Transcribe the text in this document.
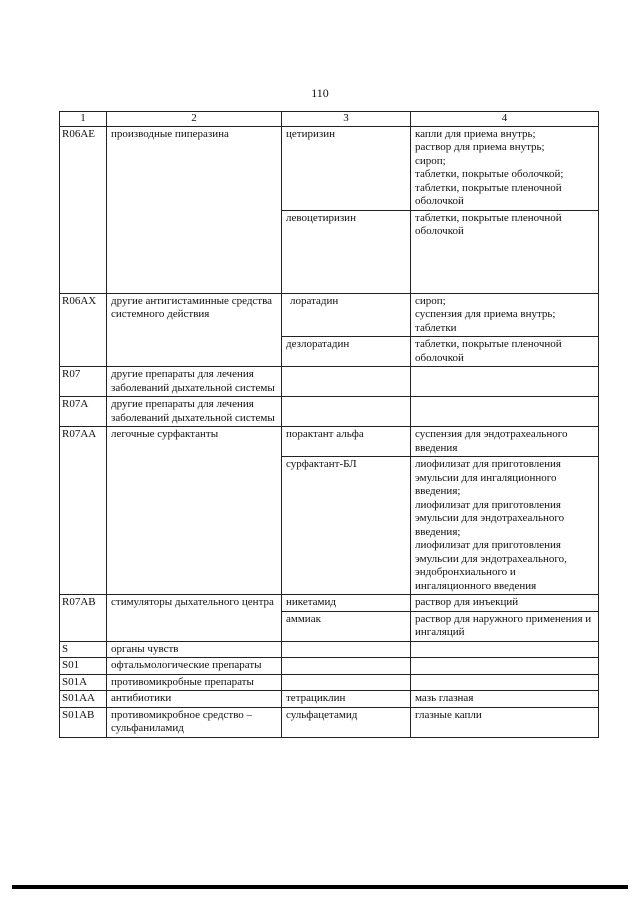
110
1	2	3	4
R06AE	производные пиперазина	цетиризин	капли для приема внутрь;
раствор для приема внутрь;
сироп;
таблетки, покрытые оболочкой;
таблетки, покрытые пленочной оболочкой
		левоцетиризин	таблетки, покрытые пленочной оболочкой
R06AX	другие антигистаминные средства системного действия	лоратадин	сироп;
суспензия для приема внутрь;
таблетки
		дезлоратадин	таблетки, покрытые пленочной оболочкой
R07	другие препараты для лечения заболеваний дыхательной системы		
R07A	другие препараты для лечения заболеваний дыхательной системы		
R07AA	легочные сурфактанты	порактант альфа	суспензия для эндотрахеального введения
		сурфактант-БЛ	лиофилизат для приготовления эмульсии для ингаляционного введения;
лиофилизат для приготовления эмульсии для эндотрахеального введения;
лиофилизат для приготовления эмульсии для эндотрахеального, эндобронхиального и ингаляционного введения
R07AB	стимуляторы дыхательного центра	никетамид	раствор для инъекций
		аммиак	раствор для наружного применения и ингаляций
S	органы чувств		
S01	офтальмологические препараты		
S01A	противомикробные препараты		
S01AA	антибиотики	тетрациклин	мазь глазная
S01AB	противомикробное средство – сульфаниламид	сульфацетамид	глазные капли
